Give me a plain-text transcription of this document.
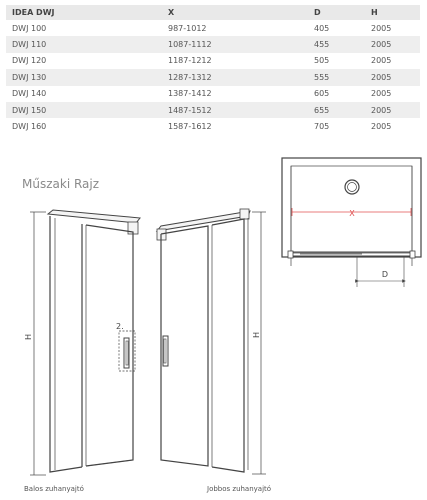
IDEA DWJ	X	D	H
DWJ 100	987-1012	405	2005
DWJ 110	1087-1112	455	2005
DWJ 120	1187-1212	505	2005
DWJ 130	1287-1312	555	2005
DWJ 140	1387-1412	605	2005
DWJ 150	1487-1512	655	2005
DWJ 160	1587-1612	705	2005
Műszaki Rajz
H
2.
H
X
D
Balos zuhanyajtó	Jobbos zuhanyajtó
